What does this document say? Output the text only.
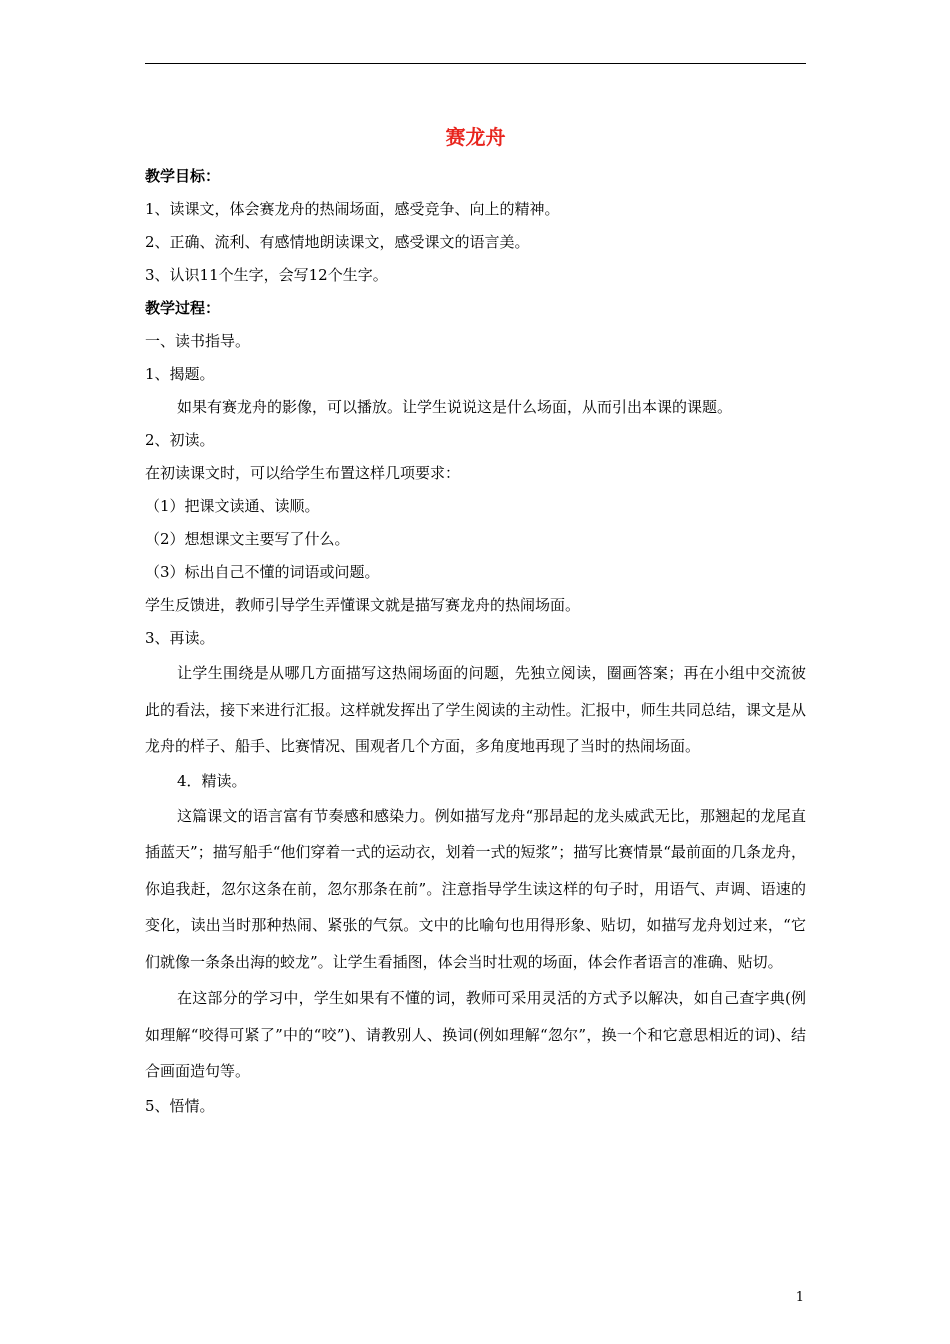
赛龙舟

教学目标：

1、读课文，体会赛龙舟的热闹场面，感受竞争、向上的精神。

2、正确、流利、有感情地朗读课文，感受课文的语言美。

3、认识11个生字，会写12个生字。

教学过程：

一、读书指导。

1、揭题。

如果有赛龙舟的影像，可以播放。让学生说说这是什么场面，从而引出本课的课题。

2、初读。

在初读课文时，可以给学生布置这样几项要求：

（1）把课文读通、读顺。

（2）想想课文主要写了什么。

（3）标出自己不懂的词语或问题。

学生反馈进，教师引导学生弄懂课文就是描写赛龙舟的热闹场面。

3、再读。

让学生围绕是从哪几方面描写这热闹场面的问题，先独立阅读，圈画答案；再在小组中交流彼此的看法，接下来进行汇报。这样就发挥出了学生阅读的主动性。汇报中，师生共同总结，课文是从龙舟的样子、船手、比赛情况、围观者几个方面，多角度地再现了当时的热闹场面。

4．精读。

这篇课文的语言富有节奏感和感染力。例如描写龙舟“那昂起的龙头威武无比，那翘起的龙尾直插蓝天”；描写船手“他们穿着一式的运动衣，划着一式的短浆”；描写比赛情景“最前面的几条龙舟，你追我赶，忽尔这条在前，忽尔那条在前”。注意指导学生读这样的句子时，用语气、声调、语速的变化，读出当时那种热闹、紧张的气氛。文中的比喻句也用得形象、贴切，如描写龙舟划过来，“它们就像一条条出海的蛟龙”。让学生看插图，体会当时壮观的场面，体会作者语言的准确、贴切。

在这部分的学习中，学生如果有不懂的词，教师可采用灵活的方式予以解决，如自己查字典(例如理解“咬得可紧了”中的“咬”)、请教别人、换词(例如理解“忽尔”，换一个和它意思相近的词)、结合画面造句等。

5、悟情。

1
